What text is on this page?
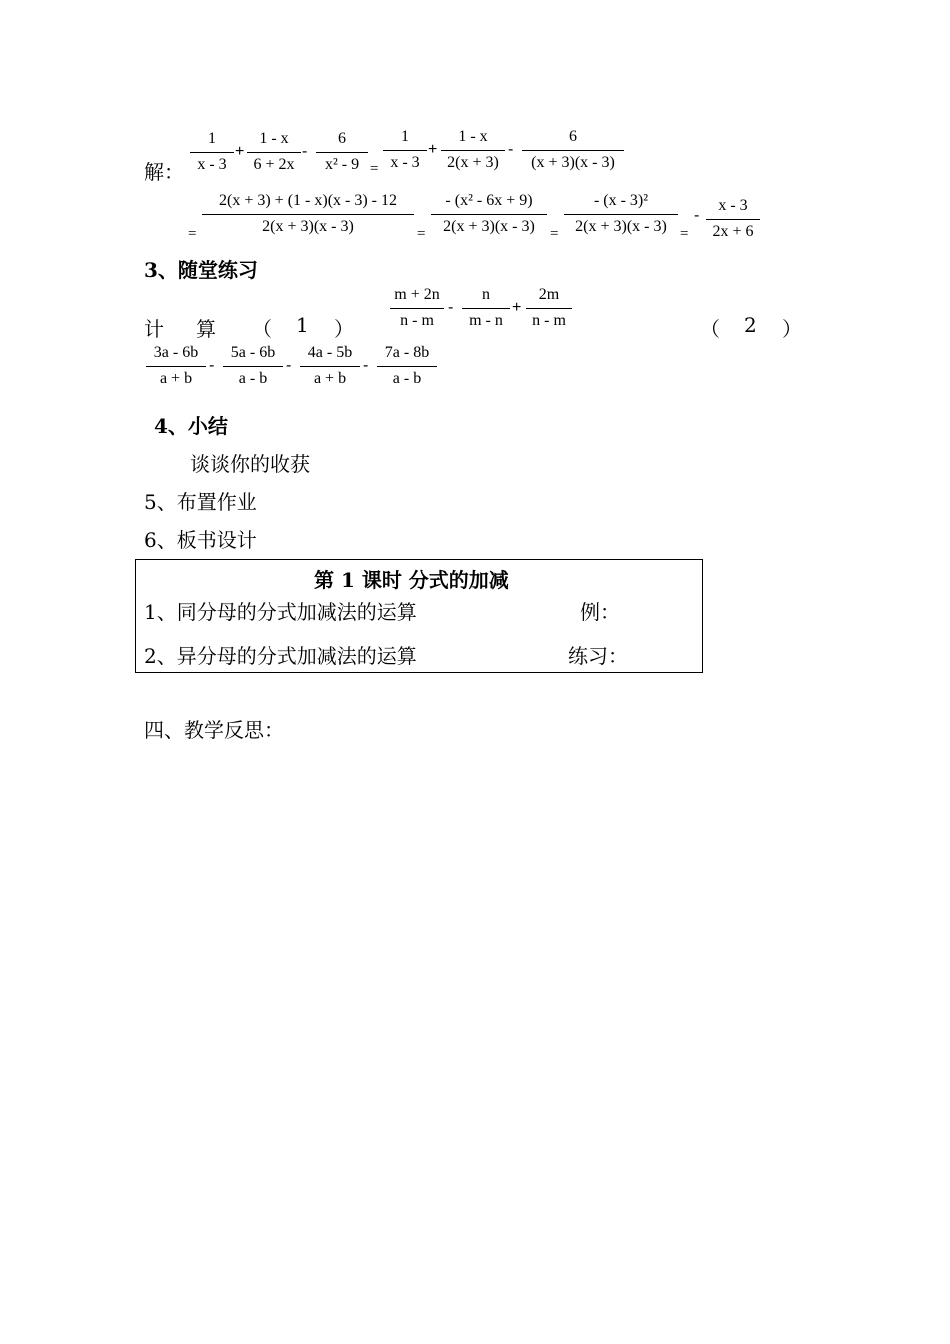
解：
1
x - 3
+
1 - x
6 + 2x
-
6
x² - 9 =
1
x - 3
+
1 - x
2(x + 3)
-
6
(x + 3)(x - 3)
=
2(x + 3) + (1 - x)(x - 3) - 12
2(x + 3)(x - 3)	=
- (x² - 6x + 9)
2(x + 3)(x - 3)	=
- (x - 3)²
2(x + 3)(x - 3) =
-
x - 3
2x + 6
3、随堂练习
计 算 （ 1 ）
m + 2n
n - m
-
n
m - n
+
2m
n - m	（ 2 ）
3a - 6b
a + b
-
5a - 6b
a - b
-
4a - 5b
a + b
-
7a - 8b
a - b
4、小结
谈谈你的收获
5、布置作业
6、板书设计
第 1 课时 分式的加减
1、同分母的分式加减法的运算	例：
2、异分母的分式加减法的运算	练习：
四、教学反思：
